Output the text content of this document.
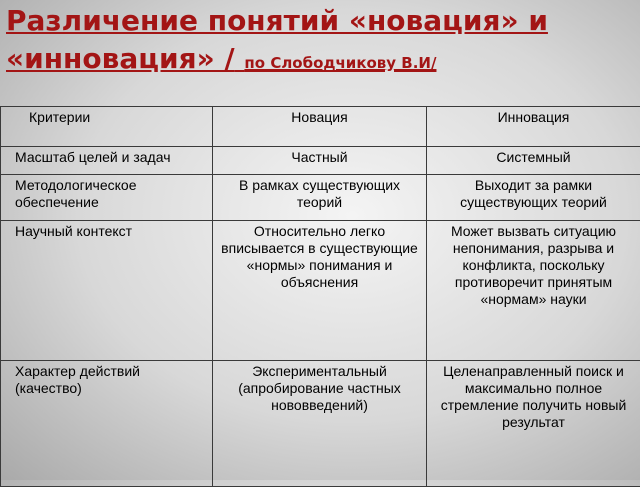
Различение понятий «новация» и «инновация» / по Слободчикову В.И/
Критерии	Новация	Инновация
Масштаб целей и задач	Частный	Системный
Методологическое обеспечение	В рамках существующих теорий	Выходит за рамки существующих теорий
Научный контекст	Относительно легко вписывается в существующие «нормы» понимания и объяснения	Может вызвать ситуацию непонимания, разрыва и конфликта, поскольку противоречит принятым «нормам» науки
Характер действий (качество)	Экспериментальный (апробирование частных нововведений)	Целенаправленный поиск и максимально полное стремление получить новый результат
